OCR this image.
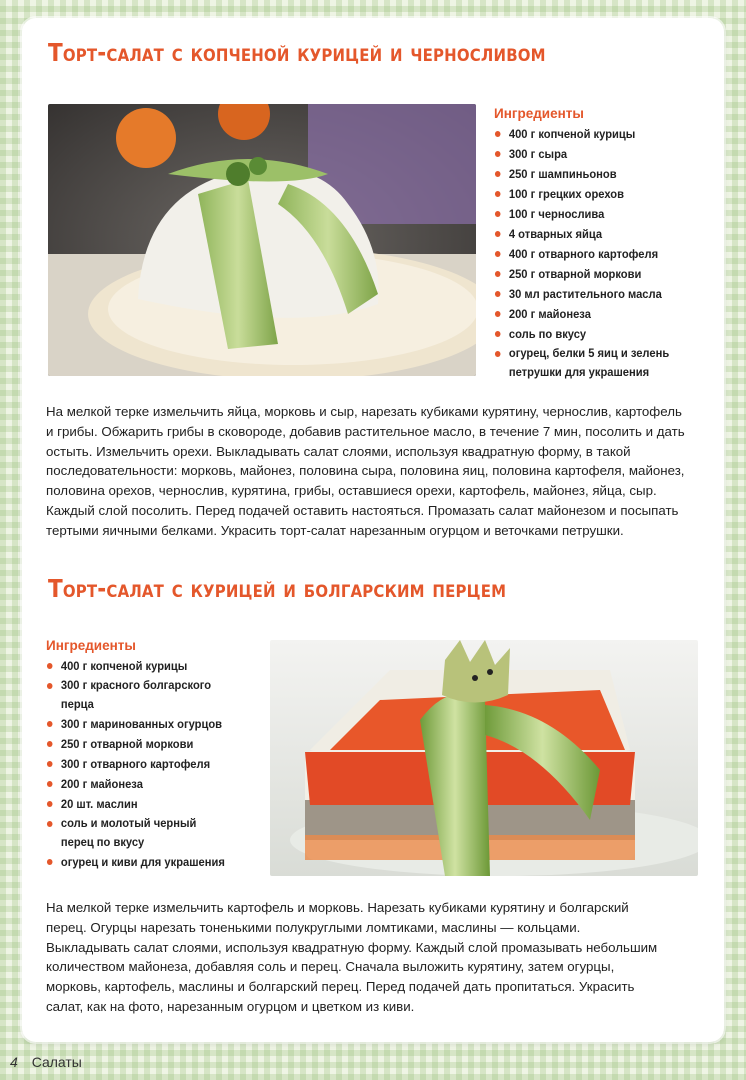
Торт-салат с копченой курицей и черносливом
Ингредиенты
400 г копченой курицы
300 г сыра
250 г шампиньонов
100 г грецких орехов
100 г чернослива
4 отварных яйца
400 г отварного картофеля
250 г отварной моркови
30 мл растительного масла
200 г майонеза
соль по вкусу
огурец, белки 5 яиц и зелень петрушки для украшения
На мелкой терке измельчить яйца, морковь и сыр, нарезать кубиками курятину, чернослив, картофель
и грибы. Обжарить грибы в сковороде, добавив растительное масло, в течение 7 мин, посолить и дать
остыть. Измельчить орехи. Выкладывать салат слоями, используя квадратную форму, в такой
последовательности: морковь, майонез, половина сыра, половина яиц, половина картофеля, майонез,
половина орехов, чернослив, курятина, грибы, оставшиеся орехи, картофель, майонез, яйца, сыр.
Каждый слой посолить. Перед подачей оставить настояться. Промазать салат майонезом и посыпать
тертыми яичными белками. Украсить торт-салат нарезанным огурцом и веточками петрушки.
Торт-салат с курицей и болгарским перцем
Ингредиенты
400 г копченой курицы
300 г красного болгарского перца
300 г маринованных огурцов
250 г отварной моркови
300 г отварного картофеля
200 г майонеза
20 шт. маслин
соль и молотый черный перец по вкусу
огурец и киви для украшения
На мелкой терке измельчить картофель и морковь. Нарезать кубиками курятину и болгарский
перец. Огурцы нарезать тоненькими полукруглыми ломтиками, маслины — кольцами.
Выкладывать салат слоями, используя квадратную форму. Каждый слой промазывать небольшим
количеством майонеза, добавляя соль и перец. Сначала выложить курятину, затем огурцы,
морковь, картофель, маслины и болгарский перец. Перед подачей дать пропитаться. Украсить
салат, как на фото, нарезанным огурцом и цветком из киви.
4 Салаты
